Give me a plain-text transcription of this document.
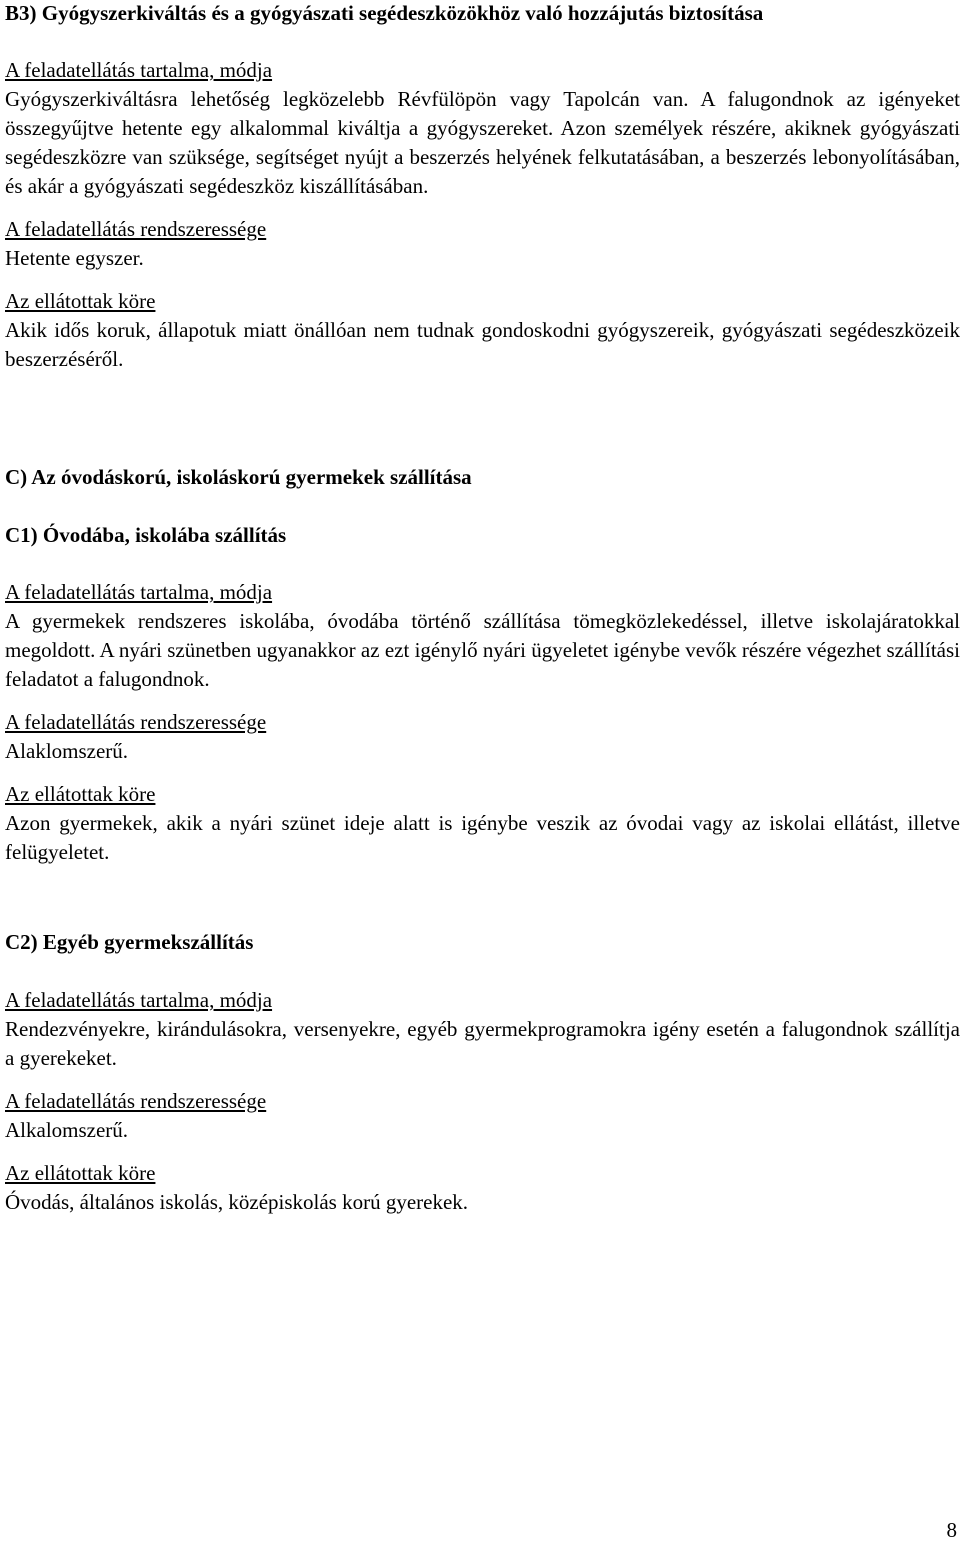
B3) Gyógyszerkiváltás és a gyógyászati segédeszközökhöz való hozzájutás biztosítása

A feladatellátás tartalma, módja

Gyógyszerkiváltásra lehetőség legközelebb Révfülöpön vagy Tapolcán van. A falugondnok az igényeket összegyűjtve hetente egy alkalommal kiváltja a gyógyszereket. Azon személyek részére, akiknek gyógyászati segédeszközre van szüksége, segítséget nyújt a beszerzés helyének felkutatásában, a beszerzés lebonyolításában, és akár a gyógyászati segédeszköz kiszállításában.

A feladatellátás rendszeressége

Hetente egyszer.

Az ellátottak köre

Akik idős koruk, állapotuk miatt önállóan nem tudnak gondoskodni gyógyszereik, gyógyászati segédeszközeik beszerzéséről.

C) Az óvodáskorú, iskoláskorú gyermekek szállítása

C1) Óvodába, iskolába szállítás

A feladatellátás tartalma, módja

A gyermekek rendszeres iskolába, óvodába történő szállítása tömegközlekedéssel, illetve iskolajáratokkal megoldott. A nyári szünetben ugyanakkor az ezt igénylő nyári ügyeletet igénybe vevők részére végezhet szállítási feladatot a falugondnok.

A feladatellátás rendszeressége

Alaklomszerű.

Az ellátottak köre

Azon gyermekek, akik a nyári szünet ideje alatt is igénybe veszik az óvodai vagy az iskolai ellátást, illetve felügyeletet.

C2) Egyéb gyermekszállítás

A feladatellátás tartalma, módja

Rendezvényekre, kirándulásokra, versenyekre, egyéb gyermekprogramokra igény esetén a falugondnok szállítja a gyerekeket.

A feladatellátás rendszeressége

Alkalomszerű.

Az ellátottak köre

Óvodás, általános iskolás, középiskolás korú gyerekek.

8
